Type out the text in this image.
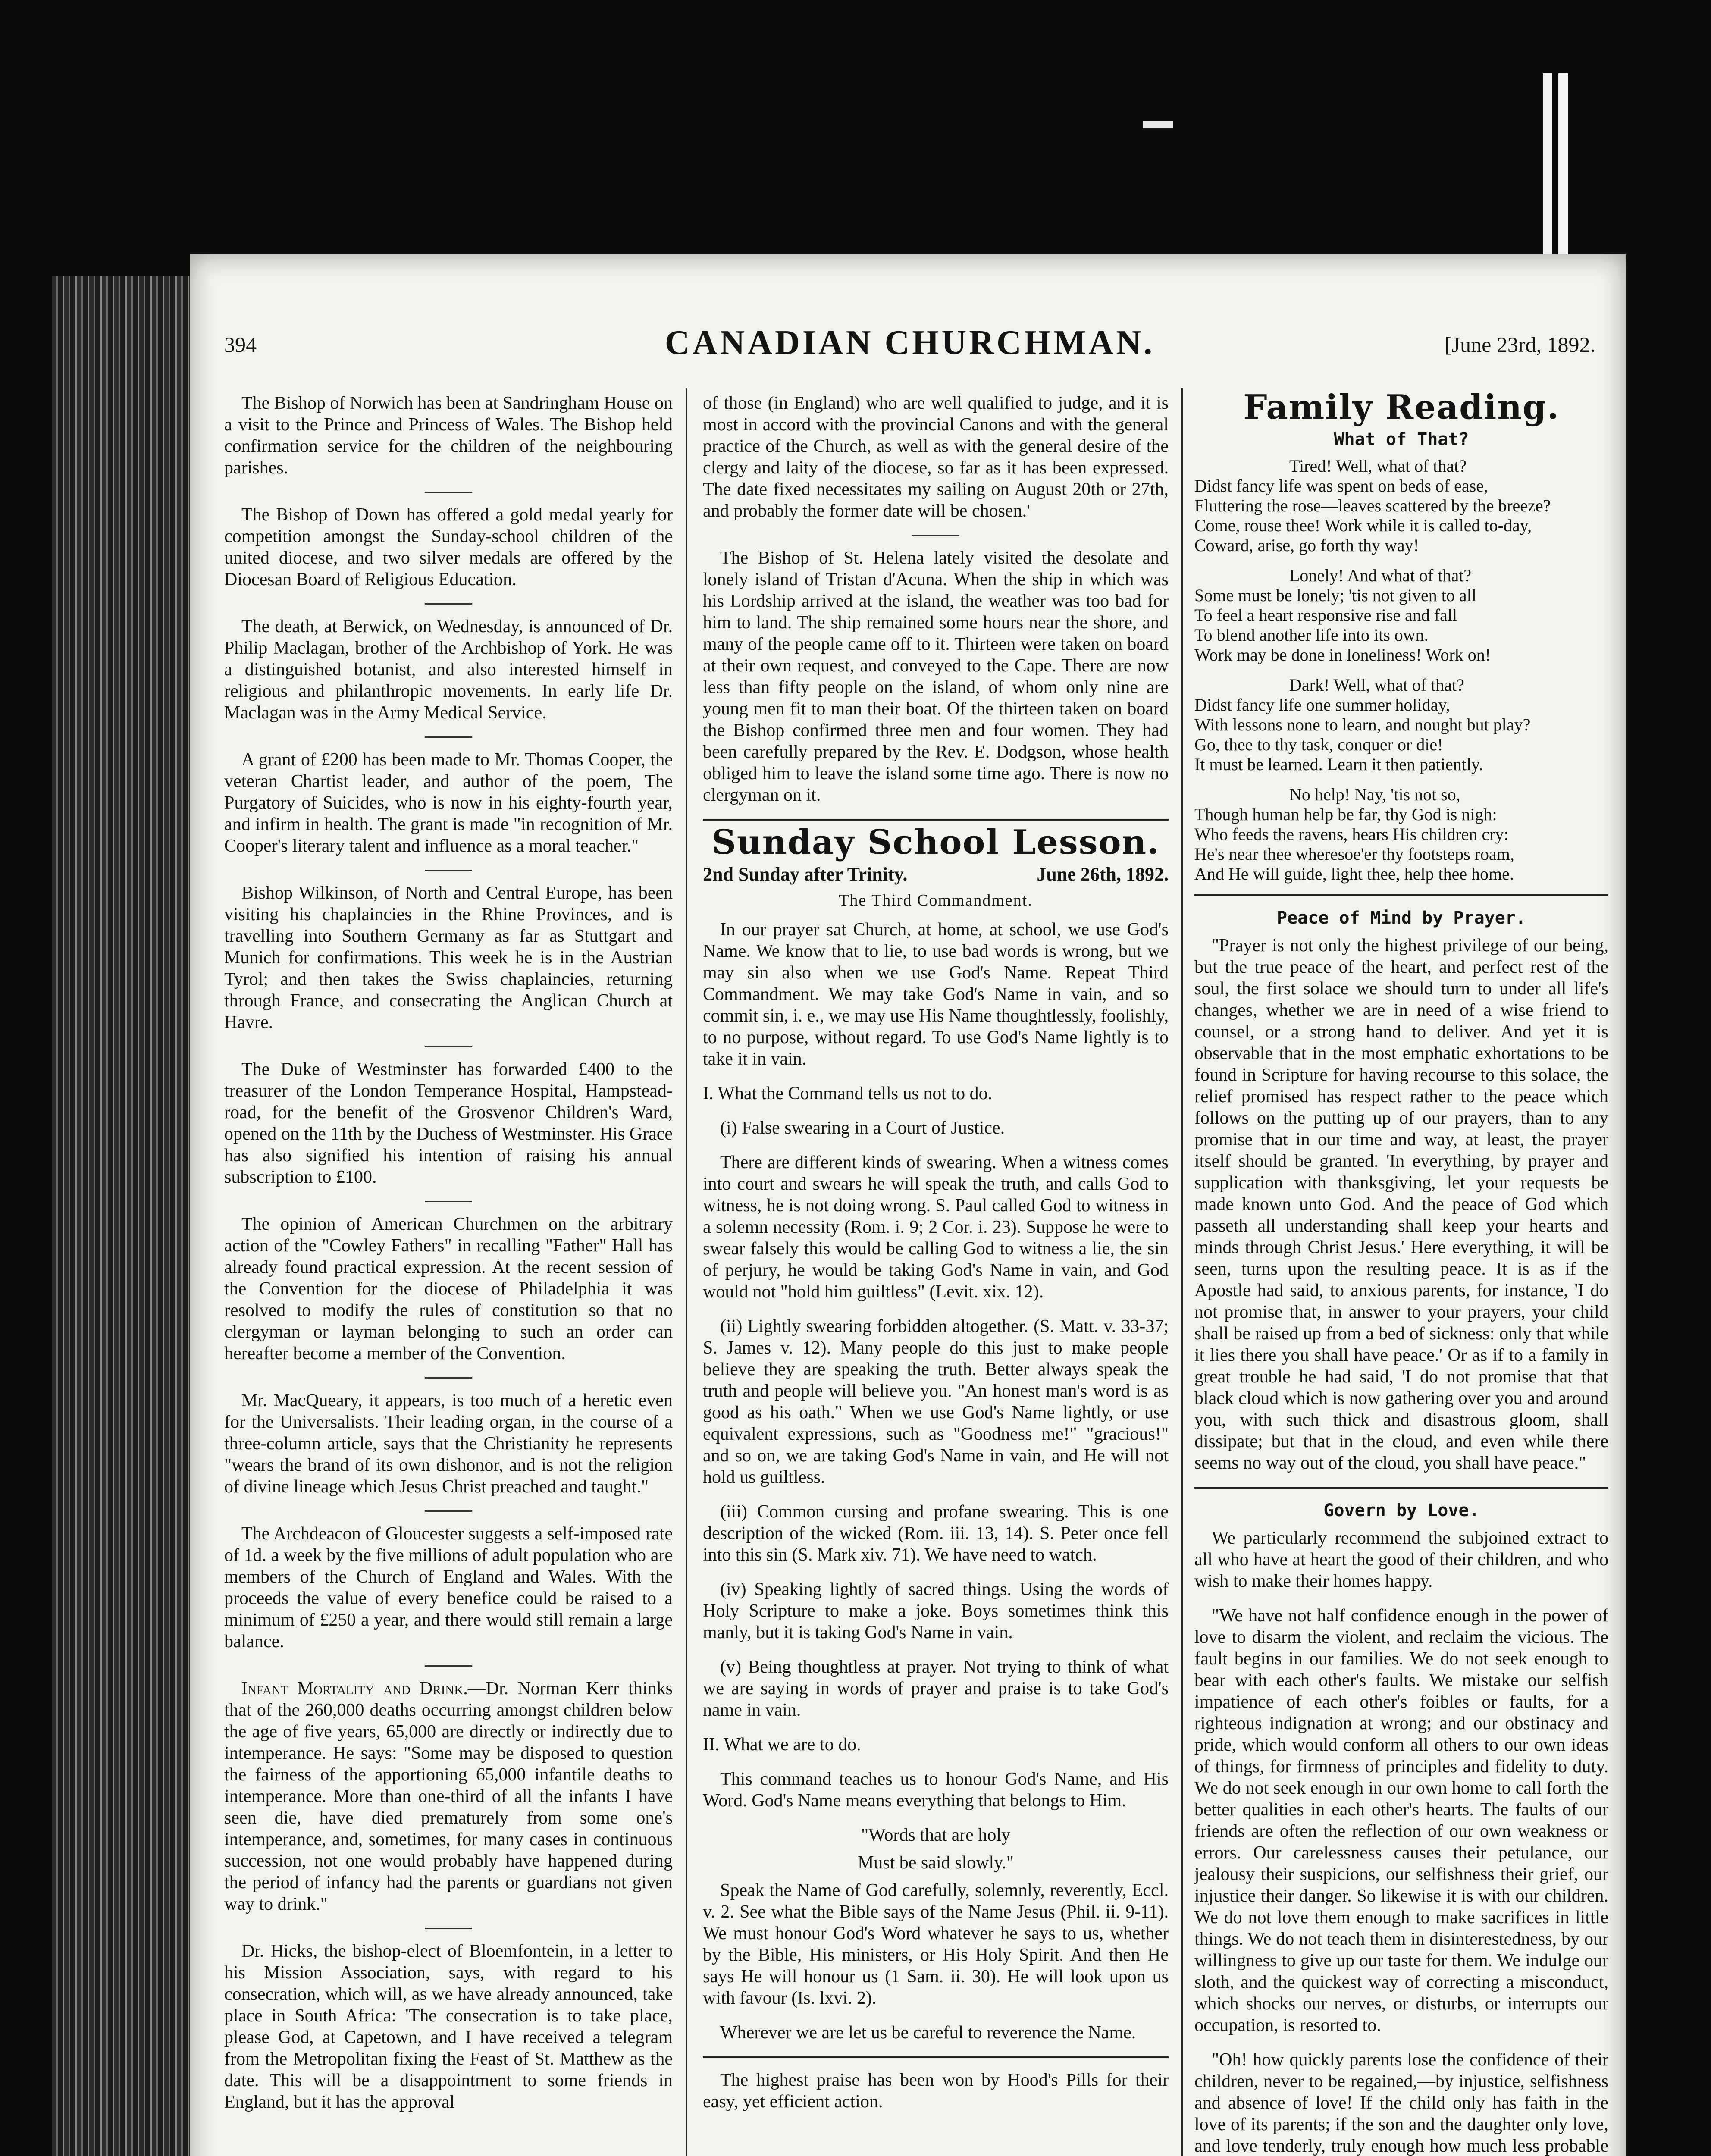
394	CANADIAN CHURCHMAN.	[June 23rd, 1892.

The Bishop of Norwich has been at Sandringham House on a visit to the Prince and Princess of Wales. The Bishop held confirmation service for the children of the neighbouring parishes.

The Bishop of Down has offered a gold medal yearly for competition amongst the Sunday-school children of the united diocese, and two silver medals are offered by the Diocesan Board of Religious Education.

The death, at Berwick, on Wednesday, is announced of Dr. Philip Maclagan, brother of the Archbishop of York. He was a distinguished botanist, and also interested himself in religious and philanthropic movements. In early life Dr. Maclagan was in the Army Medical Service.

A grant of £200 has been made to Mr. Thomas Cooper, the veteran Chartist leader, and author of the poem, The Purgatory of Suicides, who is now in his eighty-fourth year, and infirm in health. The grant is made "in recognition of Mr. Cooper's literary talent and influence as a moral teacher."

Bishop Wilkinson, of North and Central Europe, has been visiting his chaplaincies in the Rhine Provinces, and is travelling into Southern Germany as far as Stuttgart and Munich for confirmations. This week he is in the Austrian Tyrol; and then takes the Swiss chaplaincies, returning through France, and consecrating the Anglican Church at Havre.

The Duke of Westminster has forwarded £400 to the treasurer of the London Temperance Hospital, Hampstead-road, for the benefit of the Grosvenor Children's Ward, opened on the 11th by the Duchess of Westminster. His Grace has also signified his intention of raising his annual subscription to £100.

The opinion of American Churchmen on the arbitrary action of the "Cowley Fathers" in recalling "Father" Hall has already found practical expression. At the recent session of the Convention for the diocese of Philadelphia it was resolved to modify the rules of constitution so that no clergyman or layman belonging to such an order can hereafter become a member of the Convention.

Mr. MacQueary, it appears, is too much of a heretic even for the Universalists. Their leading organ, in the course of a three-column article, says that the Christianity he represents "wears the brand of its own dishonor, and is not the religion of divine lineage which Jesus Christ preached and taught."

The Archdeacon of Gloucester suggests a self-imposed rate of 1d. a week by the five millions of adult population who are members of the Church of England and Wales. With the proceeds the value of every benefice could be raised to a minimum of £250 a year, and there would still remain a large balance.

Infant Mortality and Drink.—Dr. Norman Kerr thinks that of the 260,000 deaths occurring amongst children below the age of five years, 65,000 are directly or indirectly due to intemperance. He says: "Some may be disposed to question the fairness of the apportioning 65,000 infantile deaths to intemperance. More than one-third of all the infants I have seen die, have died prematurely from some one's intemperance, and, sometimes, for many cases in continuous succession, not one would probably have happened during the period of infancy had the parents or guardians not given way to drink."

Dr. Hicks, the bishop-elect of Bloemfontein, in a letter to his Mission Association, says, with regard to his consecration, which will, as we have already announced, take place in South Africa: 'The consecration is to take place, please God, at Capetown, and I have received a telegram from the Metropolitan fixing the Feast of St. Matthew as the date. This will be a disappointment to some friends in England, but it has the approval

of those (in England) who are well qualified to judge, and it is most in accord with the provincial Canons and with the general practice of the Church, as well as with the general desire of the clergy and laity of the diocese, so far as it has been expressed. The date fixed necessitates my sailing on August 20th or 27th, and probably the former date will be chosen.'

The Bishop of St. Helena lately visited the desolate and lonely island of Tristan d'Acuna. When the ship in which was his Lordship arrived at the island, the weather was too bad for him to land. The ship remained some hours near the shore, and many of the people came off to it. Thirteen were taken on board at their own request, and conveyed to the Cape. There are now less than fifty people on the island, of whom only nine are young men fit to man their boat. Of the thirteen taken on board the Bishop confirmed three men and four women. They had been carefully prepared by the Rev. E. Dodgson, whose health obliged him to leave the island some time ago. There is now no clergyman on it.

Sunday School Lesson.
2nd Sunday after Trinity.	June 26th, 1892.
The Third Commandment.

In our prayer sat Church, at home, at school, we use God's Name. We know that to lie, to use bad words is wrong, but we may sin also when we use God's Name. Repeat Third Commandment. We may take God's Name in vain, and so commit sin, i. e., we may use His Name thoughtlessly, foolishly, to no purpose, without regard. To use God's Name lightly is to take it in vain.

I. What the Command tells us not to do.

(i) False swearing in a Court of Justice.

There are different kinds of swearing. When a witness comes into court and swears he will speak the truth, and calls God to witness, he is not doing wrong. S. Paul called God to witness in a solemn necessity (Rom. i. 9; 2 Cor. i. 23). Suppose he were to swear falsely this would be calling God to witness a lie, the sin of perjury, he would be taking God's Name in vain, and God would not "hold him guiltless" (Levit. xix. 12).

(ii) Lightly swearing forbidden altogether. (S. Matt. v. 33-37; S. James v. 12). Many people do this just to make people believe they are speaking the truth. Better always speak the truth and people will believe you. "An honest man's word is as good as his oath." When we use God's Name lightly, or use equivalent expressions, such as "Goodness me!" "gracious!" and so on, we are taking God's Name in vain, and He will not hold us guiltless.

(iii) Common cursing and profane swearing. This is one description of the wicked (Rom. iii. 13, 14). S. Peter once fell into this sin (S. Mark xiv. 71). We have need to watch.

(iv) Speaking lightly of sacred things. Using the words of Holy Scripture to make a joke. Boys sometimes think this manly, but it is taking God's Name in vain.

(v) Being thoughtless at prayer. Not trying to think of what we are saying in words of prayer and praise is to take God's name in vain.

II. What we are to do.

This command teaches us to honour God's Name, and His Word. God's Name means everything that belongs to Him.

"Words that are holy
Must be said slowly."

Speak the Name of God carefully, solemnly, reverently, Eccl. v. 2. See what the Bible says of the Name Jesus (Phil. ii. 9-11). We must honour God's Word whatever he says to us, whether by the Bible, His ministers, or His Holy Spirit. And then He says He will honour us (1 Sam. ii. 30). He will look upon us with favour (Is. lxvi. 2).

Wherever we are let us be careful to reverence the Name.

The highest praise has been won by Hood's Pills for their easy, yet efficient action.

Family Reading.
What of That?
Tired! Well, what of that?
Didst fancy life was spent on beds of ease,
Fluttering the rose—leaves scattered by the breeze?
Come, rouse thee! Work while it is called to-day,
Coward, arise, go forth thy way!
Lonely! And what of that?
Some must be lonely; 'tis not given to all
To feel a heart responsive rise and fall
To blend another life into its own.
Work may be done in loneliness! Work on!
Dark! Well, what of that?
Didst fancy life one summer holiday,
With lessons none to learn, and nought but play?
Go, thee to thy task, conquer or die!
It must be learned. Learn it then patiently.
No help! Nay, 'tis not so,
Though human help be far, thy God is nigh:
Who feeds the ravens, hears His children cry:
He's near thee wheresoe'er thy footsteps roam,
And He will guide, light thee, help thee home.
Peace of Mind by Prayer.

"Prayer is not only the highest privilege of our being, but the true peace of the heart, and perfect rest of the soul, the first solace we should turn to under all life's changes, whether we are in need of a wise friend to counsel, or a strong hand to deliver. And yet it is observable that in the most emphatic exhortations to be found in Scripture for having recourse to this solace, the relief promised has respect rather to the peace which follows on the putting up of our prayers, than to any promise that in our time and way, at least, the prayer itself should be granted. 'In everything, by prayer and supplication with thanksgiving, let your requests be made known unto God. And the peace of God which passeth all understanding shall keep your hearts and minds through Christ Jesus.' Here everything, it will be seen, turns upon the resulting peace. It is as if the Apostle had said, to anxious parents, for instance, 'I do not promise that, in answer to your prayers, your child shall be raised up from a bed of sickness: only that while it lies there you shall have peace.' Or as if to a family in great trouble he had said, 'I do not promise that that black cloud which is now gathering over you and around you, with such thick and disastrous gloom, shall dissipate; but that in the cloud, and even while there seems no way out of the cloud, you shall have peace."

Govern by Love.

We particularly recommend the subjoined extract to all who have at heart the good of their children, and who wish to make their homes happy.

"We have not half confidence enough in the power of love to disarm the violent, and reclaim the vicious. The fault begins in our families. We do not seek enough to bear with each other's faults. We mistake our selfish impatience of each other's foibles or faults, for a righteous indignation at wrong; and our obstinacy and pride, which would conform all others to our own ideas of things, for firmness of principles and fidelity to duty. We do not seek enough in our own home to call forth the better qualities in each other's hearts. The faults of our friends are often the reflection of our own weakness or errors. Our carelessness causes their petulance, our jealousy their suspicions, our selfishness their grief, our injustice their danger. So likewise it is with our children. We do not love them enough to make sacrifices in little things. We do not teach them in disinterestedness, by our willingness to give up our taste for them. We indulge our sloth, and the quickest way of correcting a misconduct, which shocks our nerves, or disturbs, or interrupts our occupation, is resorted to.

"Oh! how quickly parents lose the confidence of their children, never to be regained,—by injustice, selfishness and absence of love! If the child only has faith in the love of its parents; if the son and the daughter only love, and love tenderly, truly enough how much less probable
